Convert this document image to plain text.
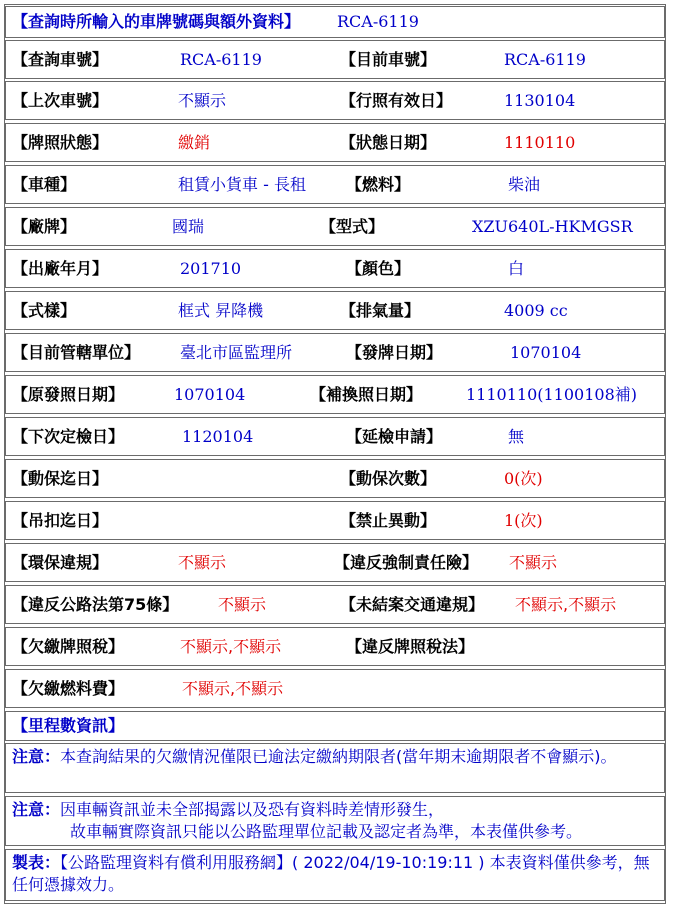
【查詢時所輸入的車牌號碼與額外資料】 RCA-6119
【查詢車號】	RCA-6119	【目前車號】	RCA-6119
【上次車號】	不顯示	【行照有效日】	1130104
【牌照狀態】	繳銷	【狀態日期】	1110110
【車種】	租賃小貨車 - 長租	【燃料】	柴油
【廠牌】	國瑞	【型式】	XZU640L-HKMGSR
【出廠年月】	201710	【顏色】	白
【式樣】	框式 昇降機	【排氣量】	4009 cc
【目前管轄單位】 臺北市區監理所	【發牌日期】	1070104
【原發照日期】	1070104	【補換照日期】	1110110(1100108補)
【下次定檢日】	1120104	【延檢申請】	無
【動保迄日】	【動保次數】	0(次)
【吊扣迄日】	【禁止異動】	1(次)
【環保違規】	不顯示	【違反強制責任險】 不顯示
【違反公路法第75條】 不顯示	【未結案交通違規】 不顯示,不顯示
【欠繳牌照稅】	不顯示,不顯示	【違反牌照稅法】
【欠繳燃料費】	不顯示,不顯示
【里程數資訊】
注意：本查詢結果的欠繳情況僅限已逾法定繳納期限者(當年期末逾期限者不會顯示)。
注意：因車輛資訊並未全部揭露以及恐有資料時差情形發生，
故車輛實際資訊只能以公路監理單位記載及認定者為準，本表僅供參考。
製表：【公路監理資料有償利用服務網】( 2022/04/19-10:19:11 ) 本表資料僅供參考，無任何憑據效力。
